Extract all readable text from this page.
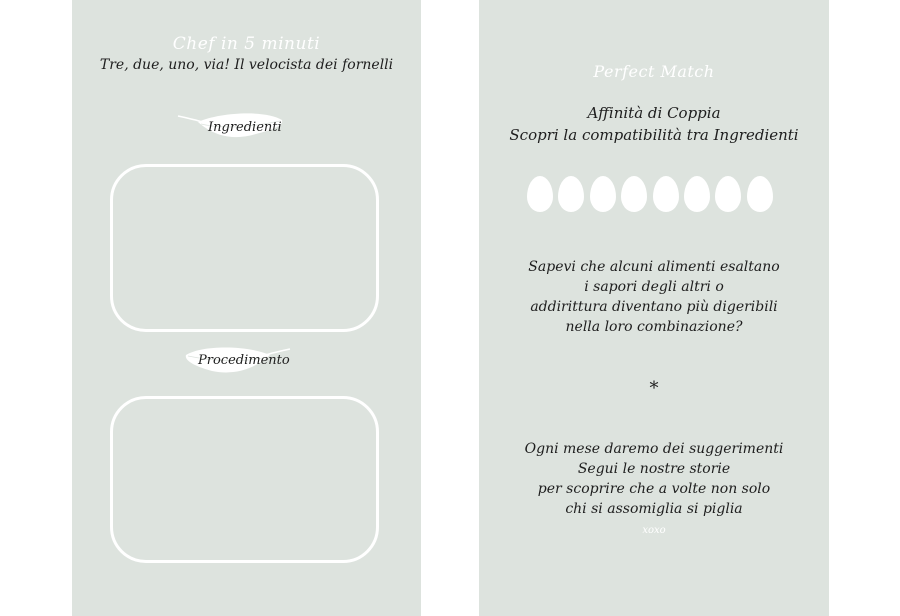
Chef in 5 minuti
Tre, due, uno, via! Il velocista dei fornelli
Ingredienti
Procedimento
Perfect Match
Affinità di Coppia
Scopri la compatibilità tra Ingredienti
Sapevi che alcuni alimenti esaltano
i sapori degli altri o
addirittura diventano più digeribili
nella loro combinazione?
*
Ogni mese daremo dei suggerimenti
Segui le nostre storie
per scoprire che a volte non solo
chi si assomiglia si piglia
xoxo
